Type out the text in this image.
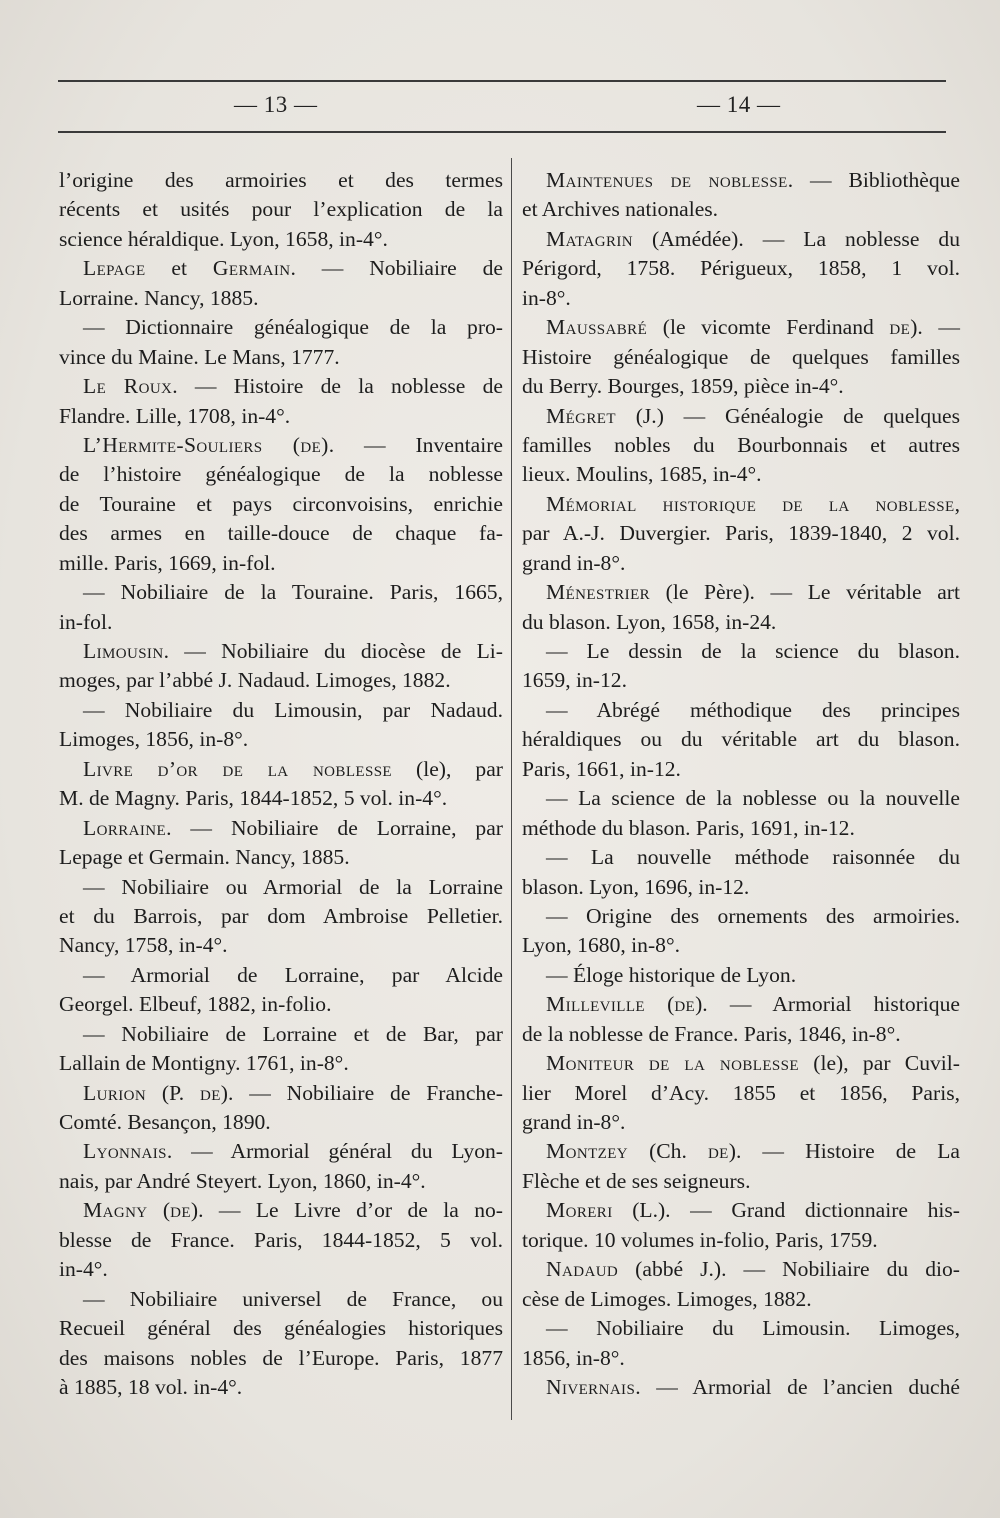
— 13 —	— 14 —
l’origine des armoiries et des termes
récents et usités pour l’explication de la
science héraldique. Lyon, 1658, in-4°.
Lepage et Germain. — Nobiliaire de
Lorraine. Nancy, 1885.
— Dictionnaire généalogique de la pro-
vince du Maine. Le Mans, 1777.
Le Roux. — Histoire de la noblesse de
Flandre. Lille, 1708, in-4°.
L’Hermite-Souliers (de). — Inventaire
de l’histoire généalogique de la noblesse
de Touraine et pays circonvoisins, enrichie
des armes en taille-douce de chaque fa-
mille. Paris, 1669, in-fol.
— Nobiliaire de la Touraine. Paris, 1665,
in-fol.
Limousin. — Nobiliaire du diocèse de Li-
moges, par l’abbé J. Nadaud. Limoges, 1882.
— Nobiliaire du Limousin, par Nadaud.
Limoges, 1856, in-8°.
Livre d’or de la noblesse (le), par
M. de Magny. Paris, 1844-1852, 5 vol. in-4°.
Lorraine. — Nobiliaire de Lorraine, par
Lepage et Germain. Nancy, 1885.
— Nobiliaire ou Armorial de la Lorraine
et du Barrois, par dom Ambroise Pelletier.
Nancy, 1758, in-4°.
— Armorial de Lorraine, par Alcide
Georgel. Elbeuf, 1882, in-folio.
— Nobiliaire de Lorraine et de Bar, par
Lallain de Montigny. 1761, in-8°.
Lurion (P. de). — Nobiliaire de Franche-
Comté. Besançon, 1890.
Lyonnais. — Armorial général du Lyon-
nais, par André Steyert. Lyon, 1860, in-4°.
Magny (de). — Le Livre d’or de la no-
blesse de France. Paris, 1844-1852, 5 vol.
in-4°.
— Nobiliaire universel de France, ou
Recueil général des généalogies historiques
des maisons nobles de l’Europe. Paris, 1877
à 1885, 18 vol. in-4°.
Maintenues de noblesse. — Bibliothèque
et Archives nationales.
Matagrin (Amédée). — La noblesse du
Périgord, 1758. Périgueux, 1858, 1 vol.
in-8°.
Maussabré (le vicomte Ferdinand de). —
Histoire généalogique de quelques familles
du Berry. Bourges, 1859, pièce in-4°.
Mégret (J.) — Généalogie de quelques
familles nobles du Bourbonnais et autres
lieux. Moulins, 1685, in-4°.
Mémorial historique de la noblesse,
par A.-J. Duvergier. Paris, 1839-1840, 2 vol.
grand in-8°.
Ménestrier (le Père). — Le véritable art
du blason. Lyon, 1658, in-24.
— Le dessin de la science du blason.
1659, in-12.
— Abrégé méthodique des principes
héraldiques ou du véritable art du blason.
Paris, 1661, in-12.
— La science de la noblesse ou la nouvelle
méthode du blason. Paris, 1691, in-12.
— La nouvelle méthode raisonnée du
blason. Lyon, 1696, in-12.
— Origine des ornements des armoiries.
Lyon, 1680, in-8°.
— Éloge historique de Lyon.
Milleville (de). — Armorial historique
de la noblesse de France. Paris, 1846, in-8°.
Moniteur de la noblesse (le), par Cuvil-
lier Morel d’Acy. 1855 et 1856, Paris,
grand in-8°.
Montzey (Ch. de). — Histoire de La
Flèche et de ses seigneurs.
Moreri (L.). — Grand dictionnaire his-
torique. 10 volumes in-folio, Paris, 1759.
Nadaud (abbé J.). — Nobiliaire du dio-
cèse de Limoges. Limoges, 1882.
— Nobiliaire du Limousin. Limoges,
1856, in-8°.
Nivernais. — Armorial de l’ancien duché
